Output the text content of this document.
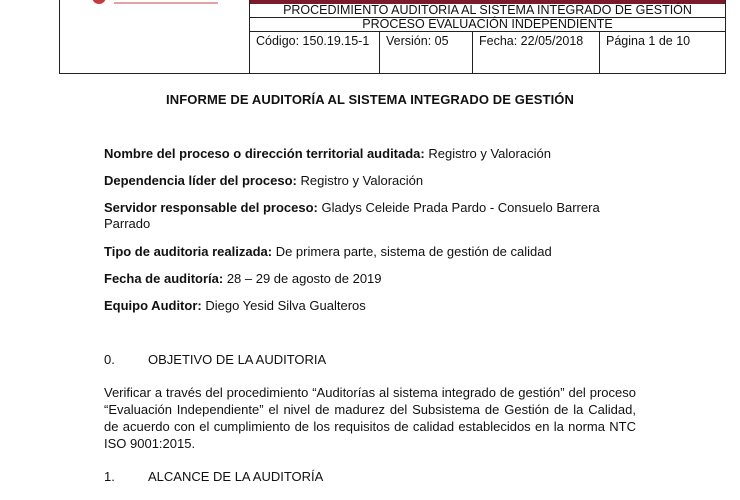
PROCEDIMIENTO AUDITORIA AL SISTEMA INTEGRADO DE GESTIÓN
PROCESO EVALUACIÓN INDEPENDIENTE
Código: 150.19.15-1	Versión: 05	Fecha: 22/05/2018	Página 1 de 10
INFORME DE AUDITORÍA AL SISTEMA INTEGRADO DE GESTIÓN
Nombre del proceso o dirección territorial auditada: Registro y Valoración
Dependencia líder del proceso: Registro y Valoración
Servidor responsable del proceso: Gladys Celeide Prada Pardo - Consuelo Barrera Parrado
Tipo de auditoria realizada: De primera parte, sistema de gestión de calidad
Fecha de auditoría: 28 – 29 de agosto de 2019
Equipo Auditor: Diego Yesid Silva Gualteros
0.	OBJETIVO DE LA AUDITORIA
Verificar a través del procedimiento “Auditorías al sistema integrado de gestión” del proceso “Evaluación Independiente” el nivel de madurez del Subsistema de Gestión de la Calidad, de acuerdo con el cumplimiento de los requisitos de calidad establecidos en la norma NTC ISO 9001:2015.
1.	ALCANCE DE LA AUDITORÍA
